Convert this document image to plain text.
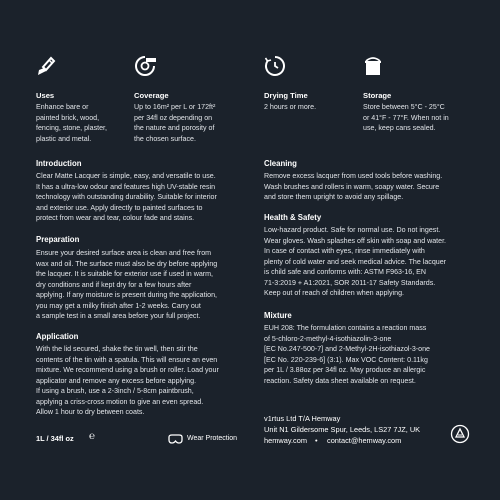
Uses
Enhance bare or
painted brick, wood,
fencing, stone, plaster,
plastic and metal.
Coverage
Up to 16m² per L or 172ft²
per 34fl oz depending on
the nature and porosity of
the chosen surface.
Drying Time
2 hours or more.
Storage
Store between 5°C - 25°C
or 41°F - 77°F. When not in
use, keep cans sealed.
Introduction
Clear Matte Lacquer is simple, easy, and versatile to use.
It has a ultra-low odour and features high UV-stable resin
technology with outstanding durability. Suitable for interior
and exterior use. Apply directly to painted surfaces to
protect from wear and tear, colour fade and stains.
Preparation
Ensure your desired surface area is clean and free from
wax and oil. The surface must also be dry before applying
the lacquer. It is suitable for exterior use if used in warm,
dry conditions and if kept dry for a few hours after
applying. If any moisture is present during the application,
you may get a milky finish after 1-2 weeks. Carry out
a sample test in a small area before your full project.
Application
With the lid secured, shake the tin well, then stir the
contents of the tin with a spatula. This will ensure an even
mixture. We recommend using a brush or roller. Load your
applicator and remove any excess before applying.
If using a brush, use a 2-3inch / 5-8cm paintbrush,
applying a criss-cross motion to give an even spread.
Allow 1 hour to dry between coats.
Cleaning
Remove excess lacquer from used tools before washing.
Wash brushes and rollers in warm, soapy water. Secure
and store them upright to avoid any spillage.
Health & Safety
Low-hazard product. Safe for normal use. Do not ingest.
Wear gloves. Wash splashes off skin with soap and water.
In case of contact with eyes, rinse immediately with
plenty of cold water and seek medical advice. The lacquer
is child safe and conforms with: ASTM F963-16, EN
71-3:2019 + A1:2021, SOR 2011-17 Safety Standards.
Keep out of reach of children when applying.
Mixture
EUH 208: The formulation contains a reaction mass
of 5-chloro-2-methyl-4-isothiazolin-3-one
[EC No.247-500-7] and 2-Methyl-2H-isothiazol-3-one
[EC No. 220-239-6] (3:1). Max VOC Content: 0.11kg
per 1L / 3.88oz per 34fl oz. May produce an allergic
reaction. Safety data sheet available on request.
1L / 34fl oz ℮	Wear Protection
v1rtus Ltd T/A Hemway
Unit N1 Gildersome Spur, Leeds, LS27 7JZ, UK
hemway.com • contact@hemway.com
